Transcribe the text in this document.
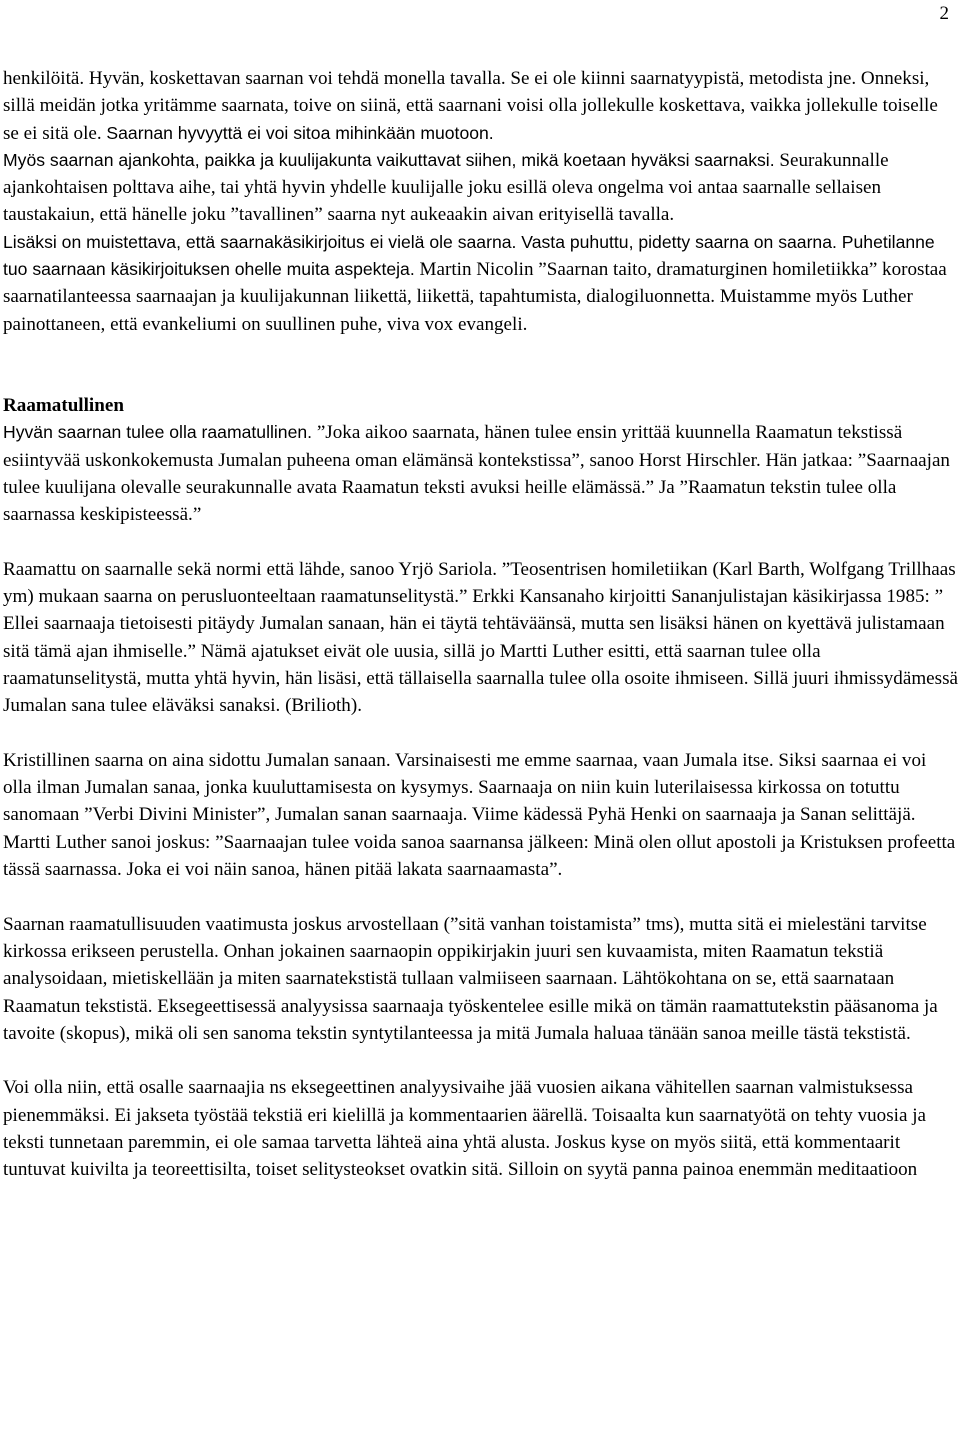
2

henkilöitä. Hyvän, koskettavan saarnan voi tehdä monella tavalla. Se ei ole kiinni saarnatyypistä, metodista jne. Onneksi, sillä meidän jotka yritämme saarnata, toive on siinä, että saarnani voisi olla jollekulle koskettava, vaikka jollekulle toiselle se ei sitä ole. Saarnan hyvyyttä ei voi sitoa mihinkään muotoon.

Myös saarnan ajankohta, paikka ja kuulijakunta vaikuttavat siihen, mikä koetaan hyväksi saarnaksi. Seurakunnalle ajankohtaisen polttava aihe, tai yhtä hyvin yhdelle kuulijalle joku esillä oleva ongelma voi antaa saarnalle sellaisen taustakaiun, että hänelle joku ”tavallinen” saarna nyt aukeaakin aivan erityisellä tavalla.

Lisäksi on muistettava, että saarnakäsikirjoitus ei vielä ole saarna. Vasta puhuttu, pidetty saarna on saarna. Puhetilanne tuo saarnaan käsikirjoituksen ohelle muita aspekteja. Martin Nicolin ”Saarnan taito, dramaturginen homiletiikka” korostaa saarnatilanteessa saarnaajan ja kuulijakunnan liikettä, liikettä, tapahtumista, dialogiluonnetta. Muistamme myös Luther painottaneen, että evankeliumi on suullinen puhe, viva vox evangeli.

Raamatullinen

Hyvän saarnan tulee olla raamatullinen. ”Joka aikoo saarnata, hänen tulee ensin yrittää kuunnella Raamatun tekstissä esiintyvää uskonkokemusta Jumalan puheena oman elämänsä kontekstissa”, sanoo Horst Hirschler. Hän jatkaa: ”Saarnaajan tulee kuulijana olevalle seurakunnalle avata Raamatun teksti avuksi heille elämässä.” Ja ”Raamatun tekstin tulee olla saarnassa keskipisteessä.”

Raamattu on saarnalle sekä normi että lähde, sanoo Yrjö Sariola. ”Teosentrisen homiletiikan (Karl Barth, Wolfgang Trillhaas ym) mukaan saarna on perusluonteeltaan raamatunselitystä.” Erkki Kansanaho kirjoitti Sananjulistajan käsikirjassa 1985: ” Ellei saarnaaja tietoisesti pitäydy Jumalan sanaan, hän ei täytä tehtäväänsä, mutta sen lisäksi hänen on kyettävä julistamaan sitä tämä ajan ihmiselle.” Nämä ajatukset eivät ole uusia, sillä jo Martti Luther esitti, että saarnan tulee olla raamatunselitystä, mutta yhtä hyvin, hän lisäsi, että tällaisella saarnalla tulee olla osoite ihmiseen. Sillä juuri ihmissydämessä Jumalan sana tulee eläväksi sanaksi. (Brilioth).

Kristillinen saarna on aina sidottu Jumalan sanaan. Varsinaisesti me emme saarnaa, vaan Jumala itse. Siksi saarnaa ei voi olla ilman Jumalan sanaa, jonka kuuluttamisesta on kysymys. Saarnaaja on niin kuin luterilaisessa kirkossa on totuttu sanomaan ”Verbi Divini Minister”, Jumalan sanan saarnaaja. Viime kädessä Pyhä Henki on saarnaaja ja Sanan selittäjä.

Martti Luther sanoi joskus: ”Saarnaajan tulee voida sanoa saarnansa jälkeen: Minä olen ollut apostoli ja Kristuksen profeetta tässä saarnassa. Joka ei voi näin sanoa, hänen pitää lakata saarnaamasta”.

Saarnan raamatullisuuden vaatimusta joskus arvostellaan (”sitä vanhan toistamista” tms), mutta sitä ei mielestäni tarvitse kirkossa erikseen perustella. Onhan jokainen saarnaopin oppikirjakin juuri sen kuvaamista, miten Raamatun tekstiä analysoidaan, mietiskellään ja miten saarnatekstistä tullaan valmiiseen saarnaan. Lähtökohtana on se, että saarnataan Raamatun tekstistä. Eksegeettisessä analyysissa saarnaaja työskentelee esille mikä on tämän raamattutekstin pääsanoma ja tavoite (skopus), mikä oli sen sanoma tekstin syntytilanteessa ja mitä Jumala haluaa tänään sanoa meille tästä tekstistä.

Voi olla niin, että osalle saarnaajia ns eksegeettinen analyysivaihe jää vuosien aikana vähitellen saarnan valmistuksessa pienemmäksi. Ei jakseta työstää tekstiä eri kielillä ja kommentaarien äärellä. Toisaalta kun saarnatyötä on tehty vuosia ja teksti tunnetaan paremmin, ei ole samaa tarvetta lähteä aina yhtä alusta. Joskus kyse on myös siitä, että kommentaarit tuntuvat kuivilta ja teoreettisilta, toiset selitysteokset ovatkin sitä. Silloin on syytä panna painoa enemmän meditaatioon
